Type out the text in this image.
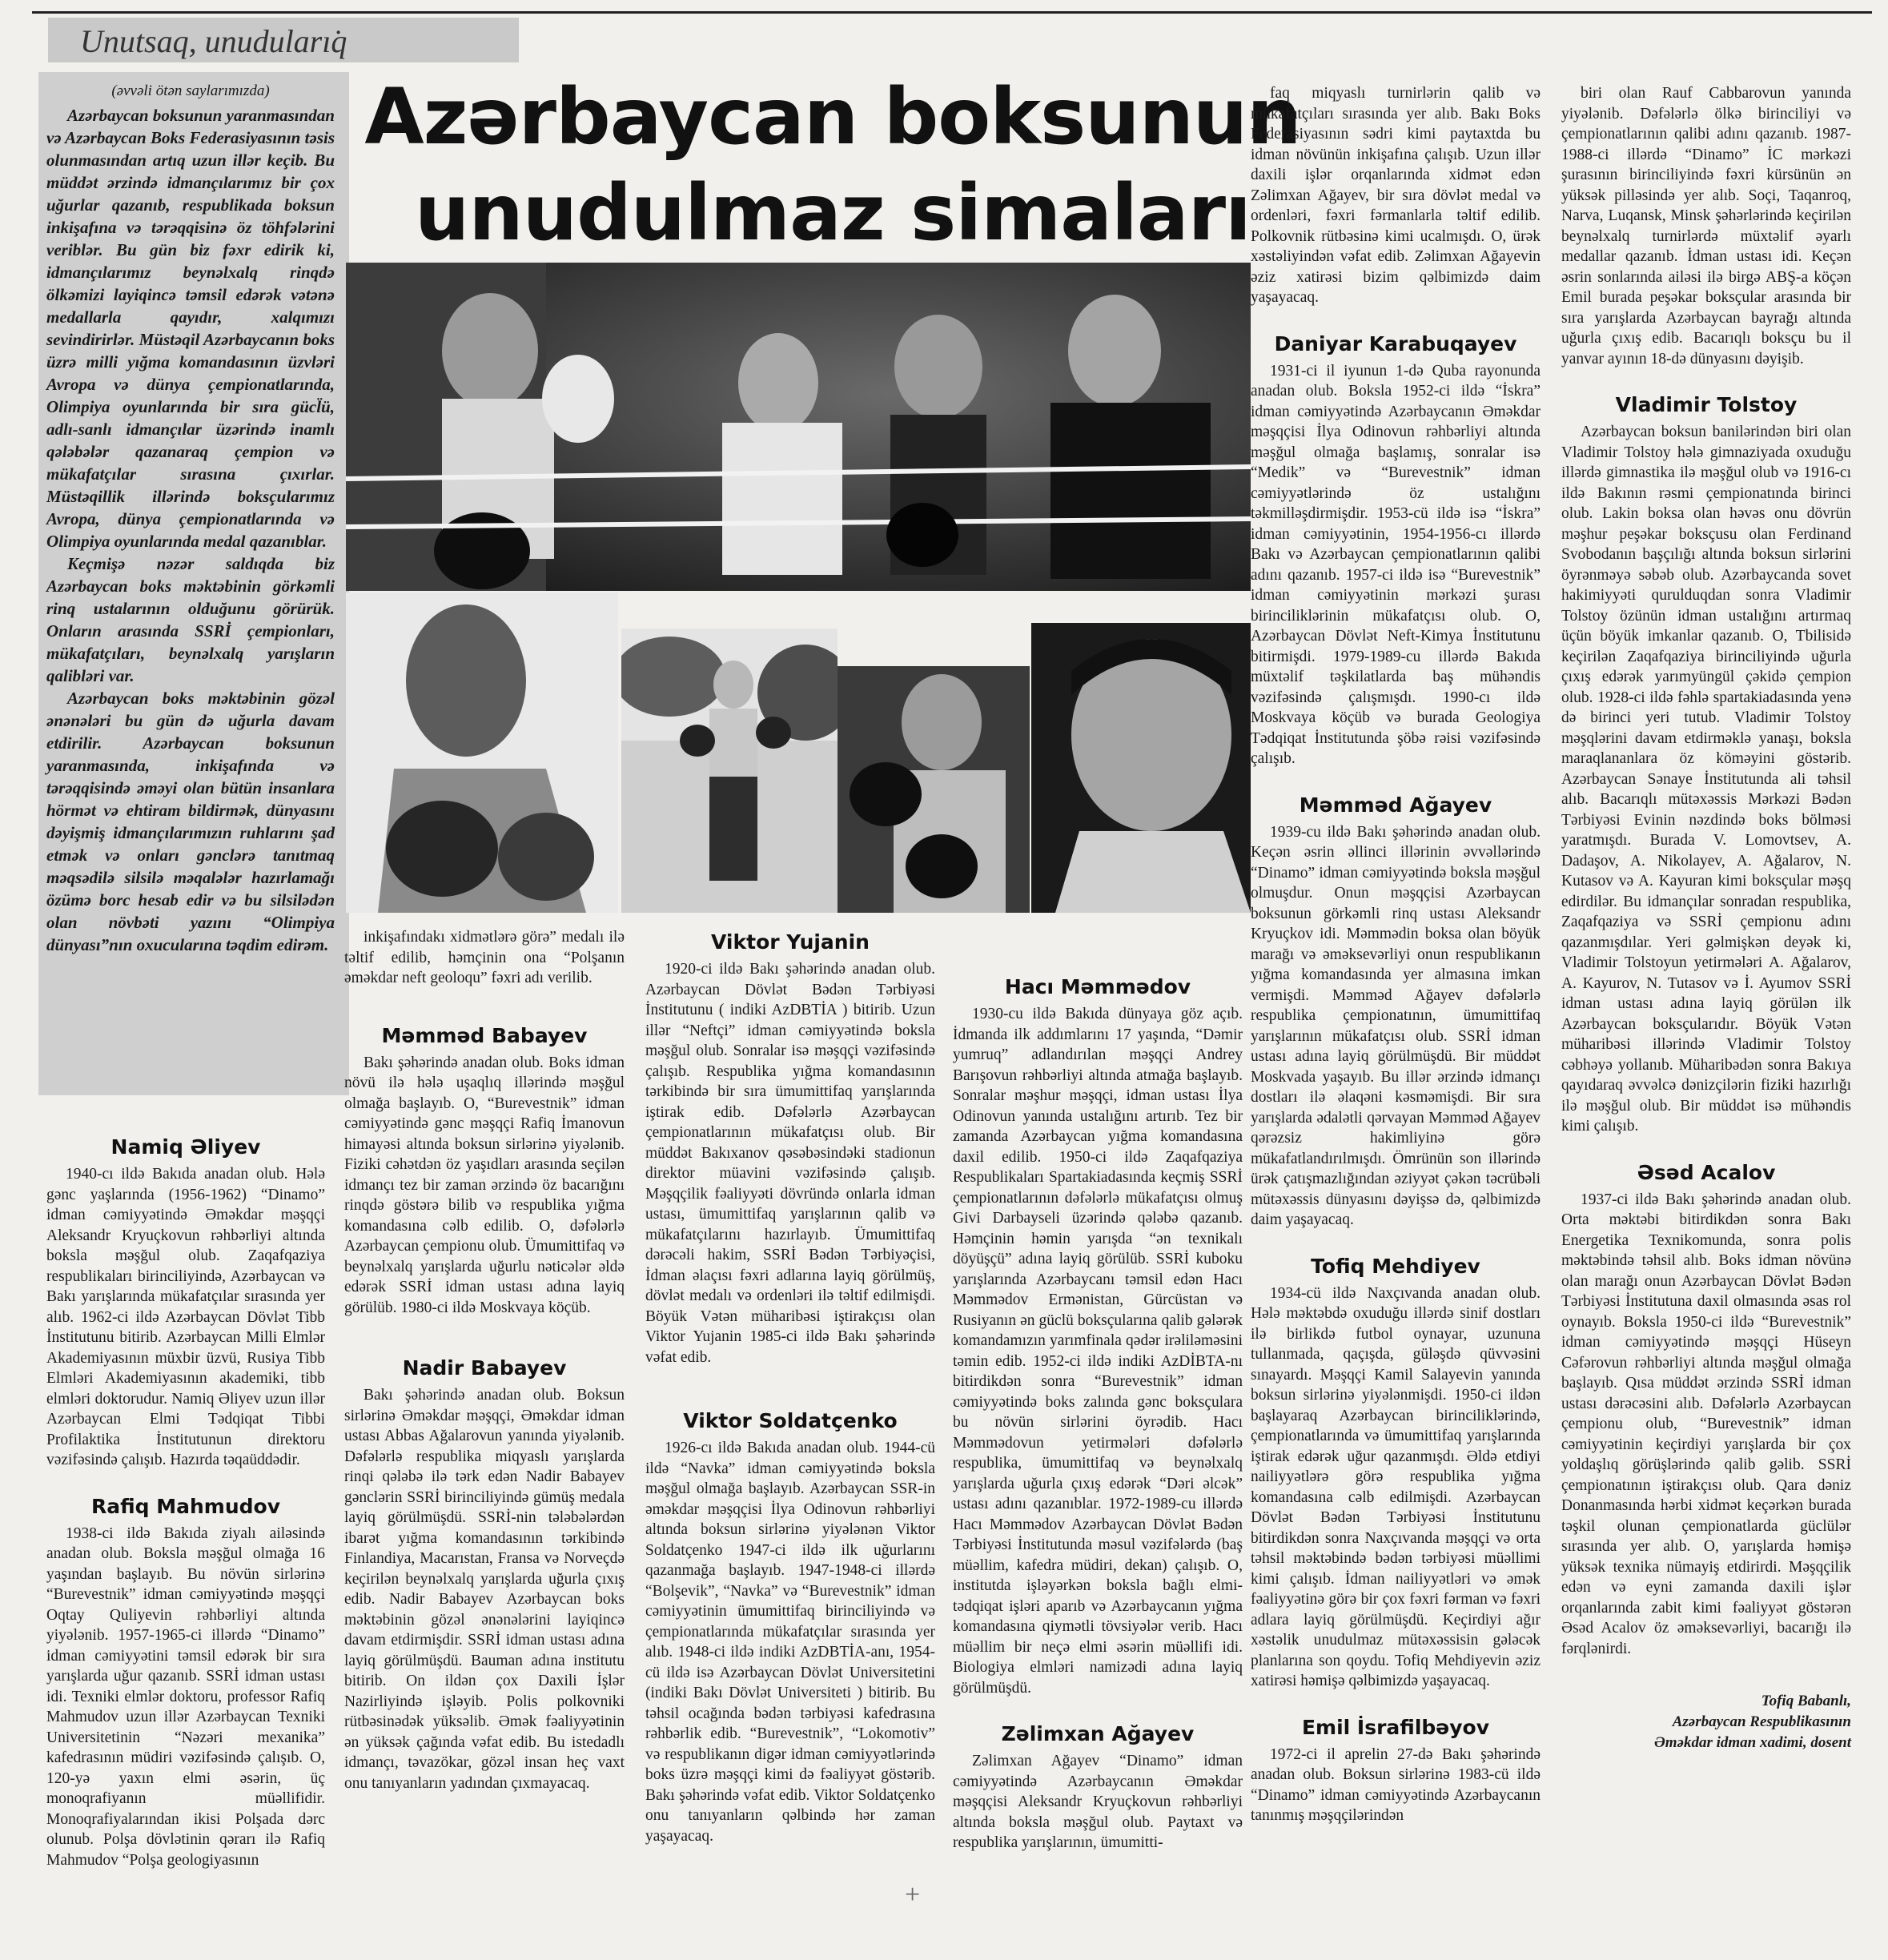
Unutsaq, unuduları̇q
(əvvəli ötən saylarımızda)

Azərbaycan boksunun yaranmasından və Azərbaycan Boks Federasiyasının təsis olunmasından artıq uzun illər keçib. Bu müddət ərzində idmançılarımız bir çox uğurlar qazanıb, respublikada boksun inkişafına və tərəqqisinə öz töhfələrini veriblər. Bu gün biz fəxr edirik ki, idmançılarımız beynəlxalq rinqdə ölkəmizi layiqincə təmsil edərək vətənə medallarla qayıdır, xalqımızı sevindirirlər. Müstəqil Azərbaycanın boks üzrə milli yığma komandasının üzvləri Avropa və dünya çempionatlarında, Olimpiya oyunlarında bir sıra gücl̈ü, adlı-sanlı idmançılar üzərində inamlı qələbələr qazanaraq çempion və mükafatçılar sırasına çıxırlar. Müstəqillik illərində boksçularımız Avropa, dünya çempionatlarında və Olimpiya oyunlarında medal qazanıblar.

Keçmişə nəzər saldıqda biz Azərbaycan boks məktəbinin görkəmli rinq ustalarının olduğunu görürük. Onların arasında SSRİ çempionları, mükafatçıları, beynəlxalq yarışların qalibləri var.

Azərbaycan boks məktəbinin gözəl ənənələri bu gün də uğurla davam etdirilir. Azərbaycan boksunun yaranmasında, inkişafında və tərəqqisində əməyi olan bütün insanlara hörmət və ehtiram bildirmək, dünyasını dəyişmiş idmançılarımızın ruhlarını şad etmək və onları gənclərə tanıtmaq məqsədilə silsilə məqalələr hazırlamağı özümə borc hesab edir və bu silsilədən olan növbəti yazını “Olimpiya dünyası”nın oxucularına təqdim edirəm.

Azərbaycan boksunun unudulmaz simaları
Namiq Əliyev

1940-cı ildə Bakıda anadan olub. Hələ gənc yaşlarında (1956-1962) “Dinamo” idman cəmiyyətində Əməkdar məşqçi Aleksandr Kryuçkovun rəhbərliyi altında boksla məşğul olub. Zaqafqaziya respublikaları birinciliyində, Azərbaycan və Bakı yarışlarında mükafatçılar sırasında yer alıb. 1962-ci ildə Azərbaycan Dövlət Tibb İnstitutunu bitirib. Azərbaycan Milli Elmlər Akademiyasının müxbir üzvü, Rusiya Tibb Elmləri Akademiyasının akademiki, tibb elmləri doktorudur. Namiq Əliyev uzun illər Azərbaycan Elmi Tədqiqat Tibbi Profilaktika İnstitutunun direktoru vəzifəsində çalışıb. Hazırda təqaüddədir.

Rafiq Mahmudov

1938-ci ildə Bakıda ziyalı ailəsində anadan olub. Boksla məşğul olmağa 16 yaşından başlayıb. Bu növün sirlərinə “Burevestnik” idman cəmiyyətində məşqçi Oqtay Quliyevin rəhbərliyi altında yiyələnib. 1957-1965-ci illərdə “Dinamo” idman cəmiyyətini təmsil edərək bir sıra yarışlarda uğur qazanıb. SSRİ idman ustası idi. Texniki elmlər doktoru, professor Rafiq Mahmudov uzun illər Azərbaycan Texniki Universitetinin “Nəzəri mexanika” kafedrasının müdiri vəzifəsində çalışıb. O, 120-yə yaxın elmi əsərin, üç monoqrafiyanın müəllifidir. Monoqrafiyalarından ikisi Polşada dərc olunub. Polşa dövlətinin qərarı ilə Rafiq Mahmudov “Polşa geologiyasının

inkişafındakı xidmətlərə görə” medalı ilə təltif edilib, həmçinin ona “Polşanın əməkdar neft geoloqu” fəxri adı verilib.

Məmməd Babayev

Bakı şəhərində anadan olub. Boks idman növü ilə hələ uşaqlıq illərində məşğul olmağa başlayıb. O, “Burevestnik” idman cəmiyyətində gənc məşqçi Rafiq İmanovun himayəsi altında boksun sirlərinə yiyələnib. Fiziki cəhətdən öz yaşıdları arasında seçilən idmançı tez bir zaman ərzində öz bacarığını rinqdə göstərə bilib və respublika yığma komandasına cəlb edilib. O, dəfələrlə Azərbaycan çempionu olub. Ümumittifaq və beynəlxalq yarışlarda uğurlu nəticələr əldə edərək SSRİ idman ustası adına layiq görülüb. 1980-ci ildə Moskvaya köçüb.

Nadir Babayev

Bakı şəhərində anadan olub. Boksun sirlərinə Əməkdar məşqçi, Əməkdar idman ustası Abbas Ağalarovun yanında yiyələnib. Dəfələrlə respublika miqyaslı yarışlarda rinqi qələbə ilə tərk edən Nadir Babayev gənclərin SSRİ birinciliyində gümüş medala layiq görülmüşdü. SSRİ-nin tələbələrdən ibarət yığma komandasının tərkibində Finlandiya, Macarıstan, Fransa və Norveçdə keçirilən beynəlxalq yarışlarda uğurla çıxış edib. Nadir Babayev Azərbaycan boks məktəbinin gözəl ənənələrini layiqincə davam etdirmişdir. SSRİ idman ustası adına layiq görülmüşdü. Bauman adına institutu bitirib. On ildən çox Daxili İşlər Nazirliyində işləyib. Polis polkovniki rütbəsinədək yüksəlib. Əmək fəaliyyətinin ən yüksək çağında vəfat edib. Bu istedadlı idmançı, təvazökar, gözəl insan heç vaxt onu tanıyanların yadından çıxmayacaq.

Viktor Yujanin

1920-ci ildə Bakı şəhərində anadan olub. Azərbaycan Dövlət Bədən Tərbiyəsi İnstitutunu ( indiki AzDBTİA ) bitirib. Uzun illər “Neftçi” idman cəmiyyətində boksla məşğul olub. Sonralar isə məşqçi vəzifəsində çalışıb. Respublika yığma komandasının tərkibində bir sıra ümumittifaq yarışlarında iştirak edib. Dəfələrlə Azərbaycan çempionatlarının mükafatçısı olub. Bir müddət Bakıxanov qəsəbəsindəki stadionun direktor müavini vəzifəsində çalışıb. Məşqçilik fəaliyyəti dövründə onlarla idman ustası, ümumittifaq yarışlarının qalib və mükafatçılarını hazırlayıb. Ümumittifaq dərəcəli hakim, SSRİ Bədən Tərbiyəçisi, İdman əlaçısı fəxri adlarına layiq görülmüş, dövlət medalı və ordenləri ilə təltif edilmişdi. Böyük Vətən müharibəsi iştirakçısı olan Viktor Yujanin 1985-ci ildə Bakı şəhərində vəfat edib.

Viktor Soldatçenko

1926-cı ildə Bakıda anadan olub. 1944-cü ildə “Navka” idman cəmiyyətində boksla məşğul olmağa başlayıb. Azərbaycan SSR-in əməkdar məşqçisi İlya Odinovun rəhbərliyi altında boksun sirlərinə yiyələnən Viktor Soldatçenko 1947-ci ildə ilk uğurlarını qazanmağa başlayıb. 1947-1948-ci illərdə “Bolşevik”, “Navka” və “Burevestnik” idman cəmiyyətinin ümumittifaq birinciliyində və çempionatlarında mükafatçılar sırasında yer alıb. 1948-ci ildə indiki AzDBTİA-anı, 1954-cü ildə isə Azərbaycan Dövlət Universitetini (indiki Bakı Dövlət Universiteti ) bitirib. Bu təhsil ocağında bədən tərbiyəsi kafedrasına rəhbərlik edib. “Burevestnik”, “Lokomotiv” və respublikanın digər idman cəmiyyətlərində boks üzrə məşqçi kimi də fəaliyyət göstərib. Bakı şəhərində vəfat edib. Viktor Soldatçenko onu tanıyanların qəlbində hər zaman yaşayacaq.

Hacı Məmmədov

1930-cu ildə Bakıda dünyaya göz açıb. İdmanda ilk addımlarını 17 yaşında, “Dəmir yumruq” adlandırılan məşqçi Andrey Barışovun rəhbərliyi altında atmağa başlayıb. Sonralar məşhur məşqçi, idman ustası İlya Odinovun yanında ustalığını artırıb. Tez bir zamanda Azərbaycan yığma komandasına daxil edilib. 1950-ci ildə Zaqafqaziya Respublikaları Spartakiadasında keçmiş SSRİ çempionatlarının dəfələrlə mükafatçısı olmuş Givi Darbayseli üzərində qələbə qazanıb. Həmçinin həmin yarışda “ən texnikalı döyüşçü” adına layiq görülüb. SSRİ kuboku yarışlarında Azərbaycanı təmsil edən Hacı Məmmədov Ermənistan, Gürcüstan və Rusiyanın ən güclü boksçularına qalib gələrək komandamızın yarımfinala qədər irəliləməsini təmin edib. 1952-ci ildə indiki AzDİBTA-nı bitirdikdən sonra “Burevestnik” idman cəmiyyətində boks zalında gənc boksçulara bu növün sirlərini öyrədib. Hacı Məmmədovun yetirmələri dəfələrlə respublika, ümumittifaq və beynəlxalq yarışlarda uğurla çıxış edərək “Dəri əlcək” ustası adını qazanıblar. 1972-1989-cu illərdə Hacı Məmmədov Azərbaycan Dövlət Bədən Tərbiyəsi İnstitutunda məsul vəzifələrdə (baş müəllim, kafedra müdiri, dekan) çalışıb. O, institutda işləyərkən boksla bağlı elmi-tədqiqat işləri aparıb və Azərbaycanın yığma komandasına qiymətli tövsiyələr verib. Hacı müəllim bir neçə elmi əsərin müəllifi idi. Biologiya elmləri namizədi adına layiq görülmüşdü.

Zəlimxan Ağayev

Zəlimxan Ağayev “Dinamo” idman cəmiyyətində Azərbaycanın Əməkdar məşqçisi Aleksandr Kryuçkovun rəhbərliyi altında boksla məşğul olub. Paytaxt və respublika yarışlarının, ümumitti-

faq miqyaslı turnirlərin qalib və mükafatçıları sırasında yer alıb. Bakı Boks Federasiyasının sədri kimi paytaxtda bu idman növünün inkişafına çalışıb. Uzun illər daxili işlər orqanlarında xidmət edən Zəlimxan Ağayev, bir sıra dövlət medal və ordenləri, fəxri fərmanlarla təltif edilib. Polkovnik rütbəsinə kimi ucalmışdı. O, ürək xəstəliyindən vəfat edib. Zəlimxan Ağayevin əziz xatirəsi bizim qəlbimizdə daim yaşayacaq.

Daniyar Karabuqayev

1931-ci il iyunun 1-də Quba rayonunda anadan olub. Boksla 1952-ci ildə “İskra” idman cəmiyyətində Azərbaycanın Əməkdar məşqçisi İlya Odinovun rəhbərliyi altında məşğul olmağa başlamış, sonralar isə “Medik” və “Burevestnik” idman cəmiyyətlərində öz ustalığını təkmilləşdirmişdir. 1953-cü ildə isə “İskra” idman cəmiyyətinin, 1954-1956-cı illərdə Bakı və Azərbaycan çempionatlarının qalibi adını qazanıb. 1957-ci ildə isə “Burevestnik” idman cəmiyyətinin mərkəzi şurası birinciliklərinin mükafatçısı olub. O, Azərbaycan Dövlət Neft-Kimya İnstitutunu bitirmişdi. 1979-1989-cu illərdə Bakıda müxtəlif təşkilatlarda baş mühəndis vəzifəsində çalışmışdı. 1990-cı ildə Moskvaya köçüb və burada Geologiya Tədqiqat İnstitutunda şöbə rəisi vəzifəsində çalışıb.

Məmməd Ağayev

1939-cu ildə Bakı şəhərində anadan olub. Keçən əsrin əllinci illərinin əvvəllərində “Dinamo” idman cəmiyyətində boksla məşğul olmuşdur. Onun məşqçisi Azərbaycan boksunun görkəmli rinq ustası Aleksandr Kryuçkov idi. Məmmədin boksa olan böyük marağı və əməksevərliyi onun respublikanın yığma komandasında yer almasına imkan vermişdi. Məmməd Ağayev dəfələrlə respublika çempionatının, ümumittifaq yarışlarının mükafatçısı olub. SSRİ idman ustası adına layiq görülmüşdü. Bir müddət Moskvada yaşayıb. Bu illər ərzində idmançı dostları ilə əlaqəni kəsməmişdi. Bir sıra yarışlarda ədalətli qərvayan Məmməd Ağayev qərəzsiz hakimliyinə görə mükafatlandırılmışdı. Ömrünün son illərində ürək çatışmazlığından əziyyət çəkən təcrübəli mütəxəssis dünyasını dəyişsə də, qəlbimizdə daim yaşayacaq.

Tofiq Mehdiyev

1934-cü ildə Naxçıvanda anadan olub. Hələ məktəbdə oxuduğu illərdə sinif dostları ilə birlikdə futbol oynayar, uzununa tullanmada, qaçışda, güləşdə qüvvəsini sınayardı. Məşqçi Kamil Salayevin yanında boksun sirlərinə yiyələnmişdi. 1950-ci ildən başlayaraq Azərbaycan birinciliklərində, çempionatlarında və ümumittifaq yarışlarında iştirak edərək uğur qazanmışdı. Əldə etdiyi nailiyyətlərə görə respublika yığma komandasına cəlb edilmişdi. Azərbaycan Dövlət Bədən Tərbiyəsi İnstitutunu bitirdikdən sonra Naxçıvanda məşqçi və orta təhsil məktəbində bədən tərbiyəsi müəllimi kimi çalışıb. İdman nailiyyətləri və əmək fəaliyyətinə görə bir çox fəxri fərman və fəxri adlara layiq görülmüşdü. Keçirdiyi ağır xəstəlik unudulmaz mütəxəssisin gələcək planlarına son qoydu. Tofiq Mehdiyevin əziz xatirəsi həmişə qəlbimizdə yaşayacaq.

Emil İsrafilbəyov

1972-ci il aprelin 27-də Bakı şəhərində anadan olub. Boksun sirlərinə 1983-cü ildə “Dinamo” idman cəmiyyətində Azərbaycanın tanınmış məşqçilərindən

biri olan Rauf Cabbarovun yanında yiyələnib. Dəfələrlə ölkə birinciliyi və çempionatlarının qalibi adını qazanıb. 1987-1988-ci illərdə “Dinamo” İC mərkəzi şurasının birinciliyində fəxri kürsünün ən yüksək pilləsində yer alıb. Soçi, Taqanroq, Narva, Luqansk, Minsk şəhərlərində keçirilən beynəlxalq turnirlərdə müxtəlif əyarlı medallar qazanıb. İdman ustası idi. Keçən əsrin sonlarında ailəsi ilə birgə ABŞ-a köçən Emil burada peşəkar boksçular arasında bir sıra yarışlarda Azərbaycan bayrağı altında uğurla çıxış edib. Bacarıqlı boksçu bu il yanvar ayının 18-də dünyasını dəyişib.

Vladimir Tolstoy

Azərbaycan boksun banilərindən biri olan Vladimir Tolstoy hələ gimnaziyada oxuduğu illərdə gimnastika ilə məşğul olub və 1916-cı ildə Bakının rəsmi çempionatında birinci olub. Lakin boksa olan həvəs onu dövrün məşhur peşəkar boksçusu olan Ferdinand Svobodanın başçılığı altında boksun sirlərini öyrənməyə səbəb olub. Azərbaycanda sovet hakimiyyəti qurulduqdan sonra Vladimir Tolstoy özünün idman ustalığını artırmaq üçün böyük imkanlar qazanıb. O, Tbilisidə keçirilən Zaqafqaziya birinciliyində uğurla çıxış edərək yarımyüngül çəkidə çempion olub. 1928-ci ildə fəhlə spartakiadasında yenə də birinci yeri tutub. Vladimir Tolstoy məşqlərini davam etdirməklə yanaşı, boksla maraqlananlara öz köməyini göstərib. Azərbaycan Sənaye İnstitutunda ali təhsil alıb. Bacarıqlı mütəxəssis Mərkəzi Bədən Tərbiyəsi Evinin nəzdində boks bölməsi yaratmışdı. Burada V. Lomovtsev, A. Dadaşov, A. Nikolayev, A. Ağalarov, N. Kutasov və A. Kayuran kimi boksçular məşq edirdilər. Bu idmançılar sonradan respublika, Zaqafqaziya və SSRİ çempionu adını qazanmışdılar. Yeri gəlmişkən deyək ki, Vladimir Tolstoyun yetirmələri A. Ağalarov, A. Kayurov, N. Tutasov və İ. Ayumov SSRİ idman ustası adına layiq görülən ilk Azərbaycan boksçularıdır. Böyük Vətən müharibəsi illərində Vladimir Tolstoy cəbhəyə yollanıb. Müharibədən sonra Bakıya qayıdaraq əvvəlcə dənizçilərin fiziki hazırlığı ilə məşğul olub. Bir müddət isə mühəndis kimi çalışıb.

Əsəd Acalov

1937-ci ildə Bakı şəhərində anadan olub. Orta məktəbi bitirdikdən sonra Bakı Energetika Texnikomunda, sonra polis məktəbində təhsil alıb. Boks idman növünə olan marağı onun Azərbaycan Dövlət Bədən Tərbiyəsi İnstitutuna daxil olmasında əsas rol oynayıb. Boksla 1950-ci ildə “Burevestnik” idman cəmiyyətində məşqçi Hüseyn Cəfərovun rəhbərliyi altında məşğul olmağa başlayıb. Qısa müddət ərzində SSRİ idman ustası dərəcəsini alıb. Dəfələrlə Azərbaycan çempionu olub, “Burevestnik” idman cəmiyyətinin keçirdiyi yarışlarda bir çox yoldaşlıq görüşlərində qalib gəlib. SSRİ çempionatının iştirakçısı olub. Qara dəniz Donanmasında hərbi xidmət keçərkən burada təşkil olunan çempionatlarda güclülər sırasında yer alıb. O, yarışlarda həmişə yüksək texnika nümayiş etdirirdi. Məşqçilik edən və eyni zamanda daxili işlər orqanlarında zabit kimi fəaliyyət göstərən Əsəd Acalov öz əməksevərliyi, bacarığı ilə fərqlənirdi.

Tofiq Babanlı,
Azərbaycan Respublikasının
Əməkdar idman xadimi, dosent
+
